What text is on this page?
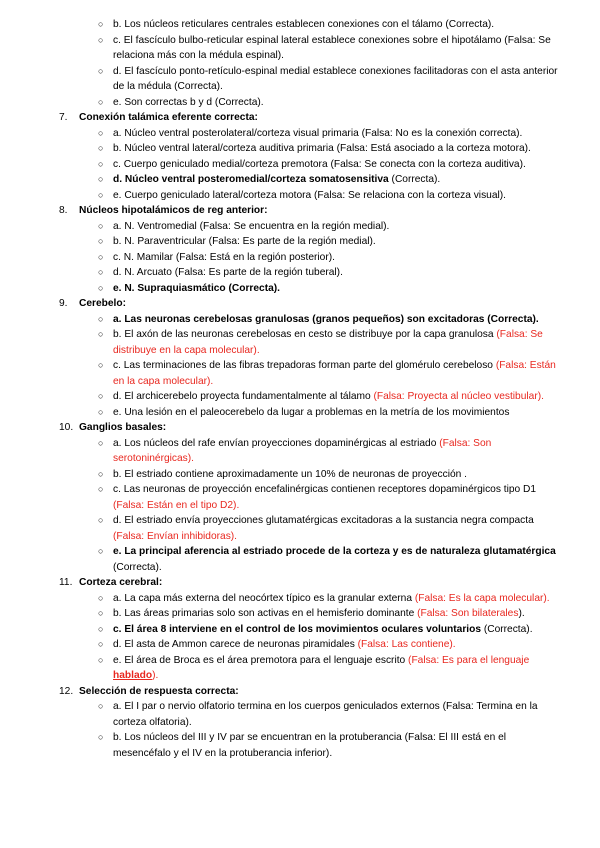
○ b. Los núcleos reticulares centrales establecen conexiones con el tálamo (Correcta).
○ c. El fascículo bulbo-reticular espinal lateral establece conexiones sobre el hipotálamo (Falsa: Se relaciona más con la médula espinal).
○ d. El fascículo ponto-retículo-espinal medial establece conexiones facilitadoras con el asta anterior de la médula (Correcta).
○ e. Son correctas b y d (Correcta).
7. Conexión talámica eferente correcta:
○ a. Núcleo ventral posterolateral/corteza visual primaria (Falsa: No es la conexión correcta).
○ b. Núcleo ventral lateral/corteza auditiva primaria (Falsa: Está asociado a la corteza motora).
○ c. Cuerpo geniculado medial/corteza premotora (Falsa: Se conecta con la corteza auditiva).
○ d. Núcleo ventral posteromedial/corteza somatosensitiva (Correcta).
○ e. Cuerpo geniculado lateral/corteza motora (Falsa: Se relaciona con la corteza visual).
8. Núcleos hipotalámicos de reg anterior:
○ a. N. Ventromedial (Falsa: Se encuentra en la región medial).
○ b. N. Paraventricular (Falsa: Es parte de la región medial).
○ c. N. Mamilar (Falsa: Está en la región posterior).
○ d. N. Arcuato (Falsa: Es parte de la región tuberal).
○ e. N. Supraquiasmático (Correcta).
9. Cerebelo:
○ a. Las neuronas cerebelosas granulosas (granos pequeños) son excitadoras (Correcta).
○ b. El axón de las neuronas cerebelosas en cesto se distribuye por la capa granulosa (Falsa: Se distribuye en la capa molecular).
○ c. Las terminaciones de las fibras trepadoras forman parte del glomérulo cerebeloso (Falsa: Están en la capa molecular).
○ d. El archicerebelo proyecta fundamentalmente al tálamo (Falsa: Proyecta al núcleo vestibular).
○ e. Una lesión en el paleocerebelo da lugar a problemas en la metría de los movimientos
10. Ganglios basales:
○ a. Los núcleos del rafe envían proyecciones dopaminérgicas al estriado (Falsa: Son serotoninérgicas).
○ b. El estriado contiene aproximadamente un 10% de neuronas de proyección .
○ c. Las neuronas de proyección encefalinérgicas contienen receptores dopaminérgicos tipo D1 (Falsa: Están en el tipo D2).
○ d. El estriado envía proyecciones glutamatérgicas excitadoras a la sustancia negra compacta (Falsa: Envían inhibidoras).
○ e. La principal aferencia al estriado procede de la corteza y es de naturaleza glutamatérgica (Correcta).
11. Corteza cerebral:
○ a. La capa más externa del neocórtex típico es la granular externa (Falsa: Es la capa molecular).
○ b. Las áreas primarias solo son activas en el hemisferio dominante (Falsa: Son bilaterales).
○ c. El área 8 interviene en el control de los movimientos oculares voluntarios (Correcta).
○ d. El asta de Ammon carece de neuronas piramidales (Falsa: Las contiene).
○ e. El área de Broca es el área premotora para el lenguaje escrito (Falsa: Es para el lenguaje hablado).
12. Selección de respuesta correcta:
○ a. El I par o nervio olfatorio termina en los cuerpos geniculados externos (Falsa: Termina en la corteza olfatoria).
○ b. Los núcleos del III y IV par se encuentran en la protuberancia (Falsa: El III está en el mesencéfalo y el IV en la protuberancia inferior).
